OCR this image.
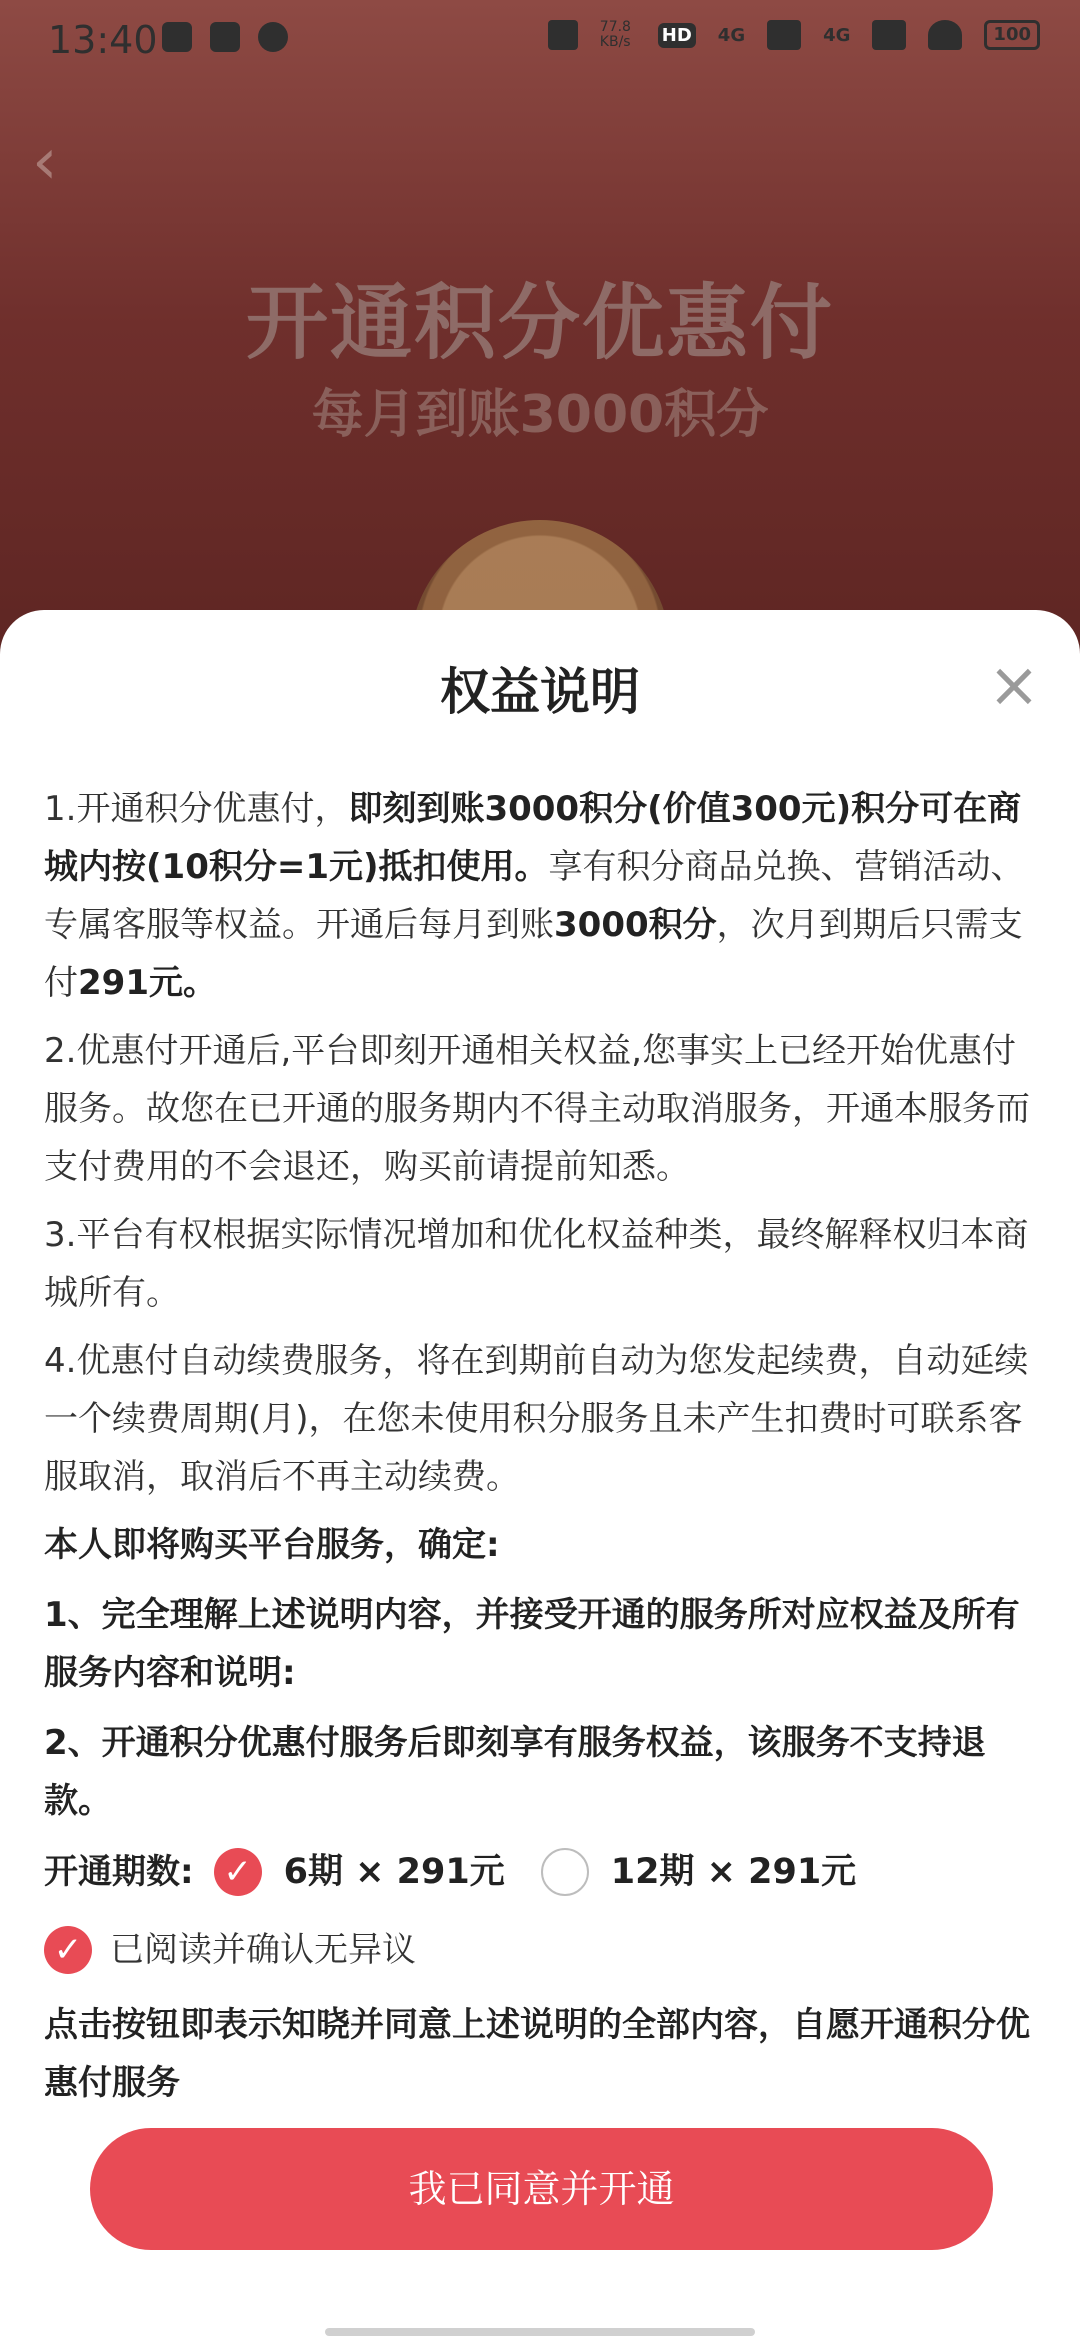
13:40	77.8 KB/s HD 4G	4G	100
‹
开通积分优惠付
每月到账3000积分
权益说明	×

1.开通积分优惠付，即刻到账3000积分(价值300元)积分可在商城内按(10积分=1元)抵扣使用。享有积分商品兑换、营销活动、专属客服等权益。开通后每月到账3000积分，次月到期后只需支付291元。

2.优惠付开通后,平台即刻开通相关权益,您事实上已经开始优惠付服务。故您在已开通的服务期内不得主动取消服务，开通本服务而支付费用的不会退还，购买前请提前知悉。

3.平台有权根据实际情况增加和优化权益种类，最终解释权归本商城所有。

4.优惠付自动续费服务，将在到期前自动为您发起续费，自动延续一个续费周期(月)，在您未使用积分服务且未产生扣费时可联系客服取消，取消后不再主动续费。

本人即将购买平台服务，确定:

1、完全理解上述说明内容，并接受开通的服务所对应权益及所有服务内容和说明:

2、开通积分优惠付服务后即刻享有服务权益，该服务不支持退款。

开通期数: ✓ 6期 × 291元	12期 × 291元
✓ 已阅读并确认无异议
点击按钮即表示知晓并同意上述说明的全部内容，自愿开通积分优惠付服务
我已同意并开通
